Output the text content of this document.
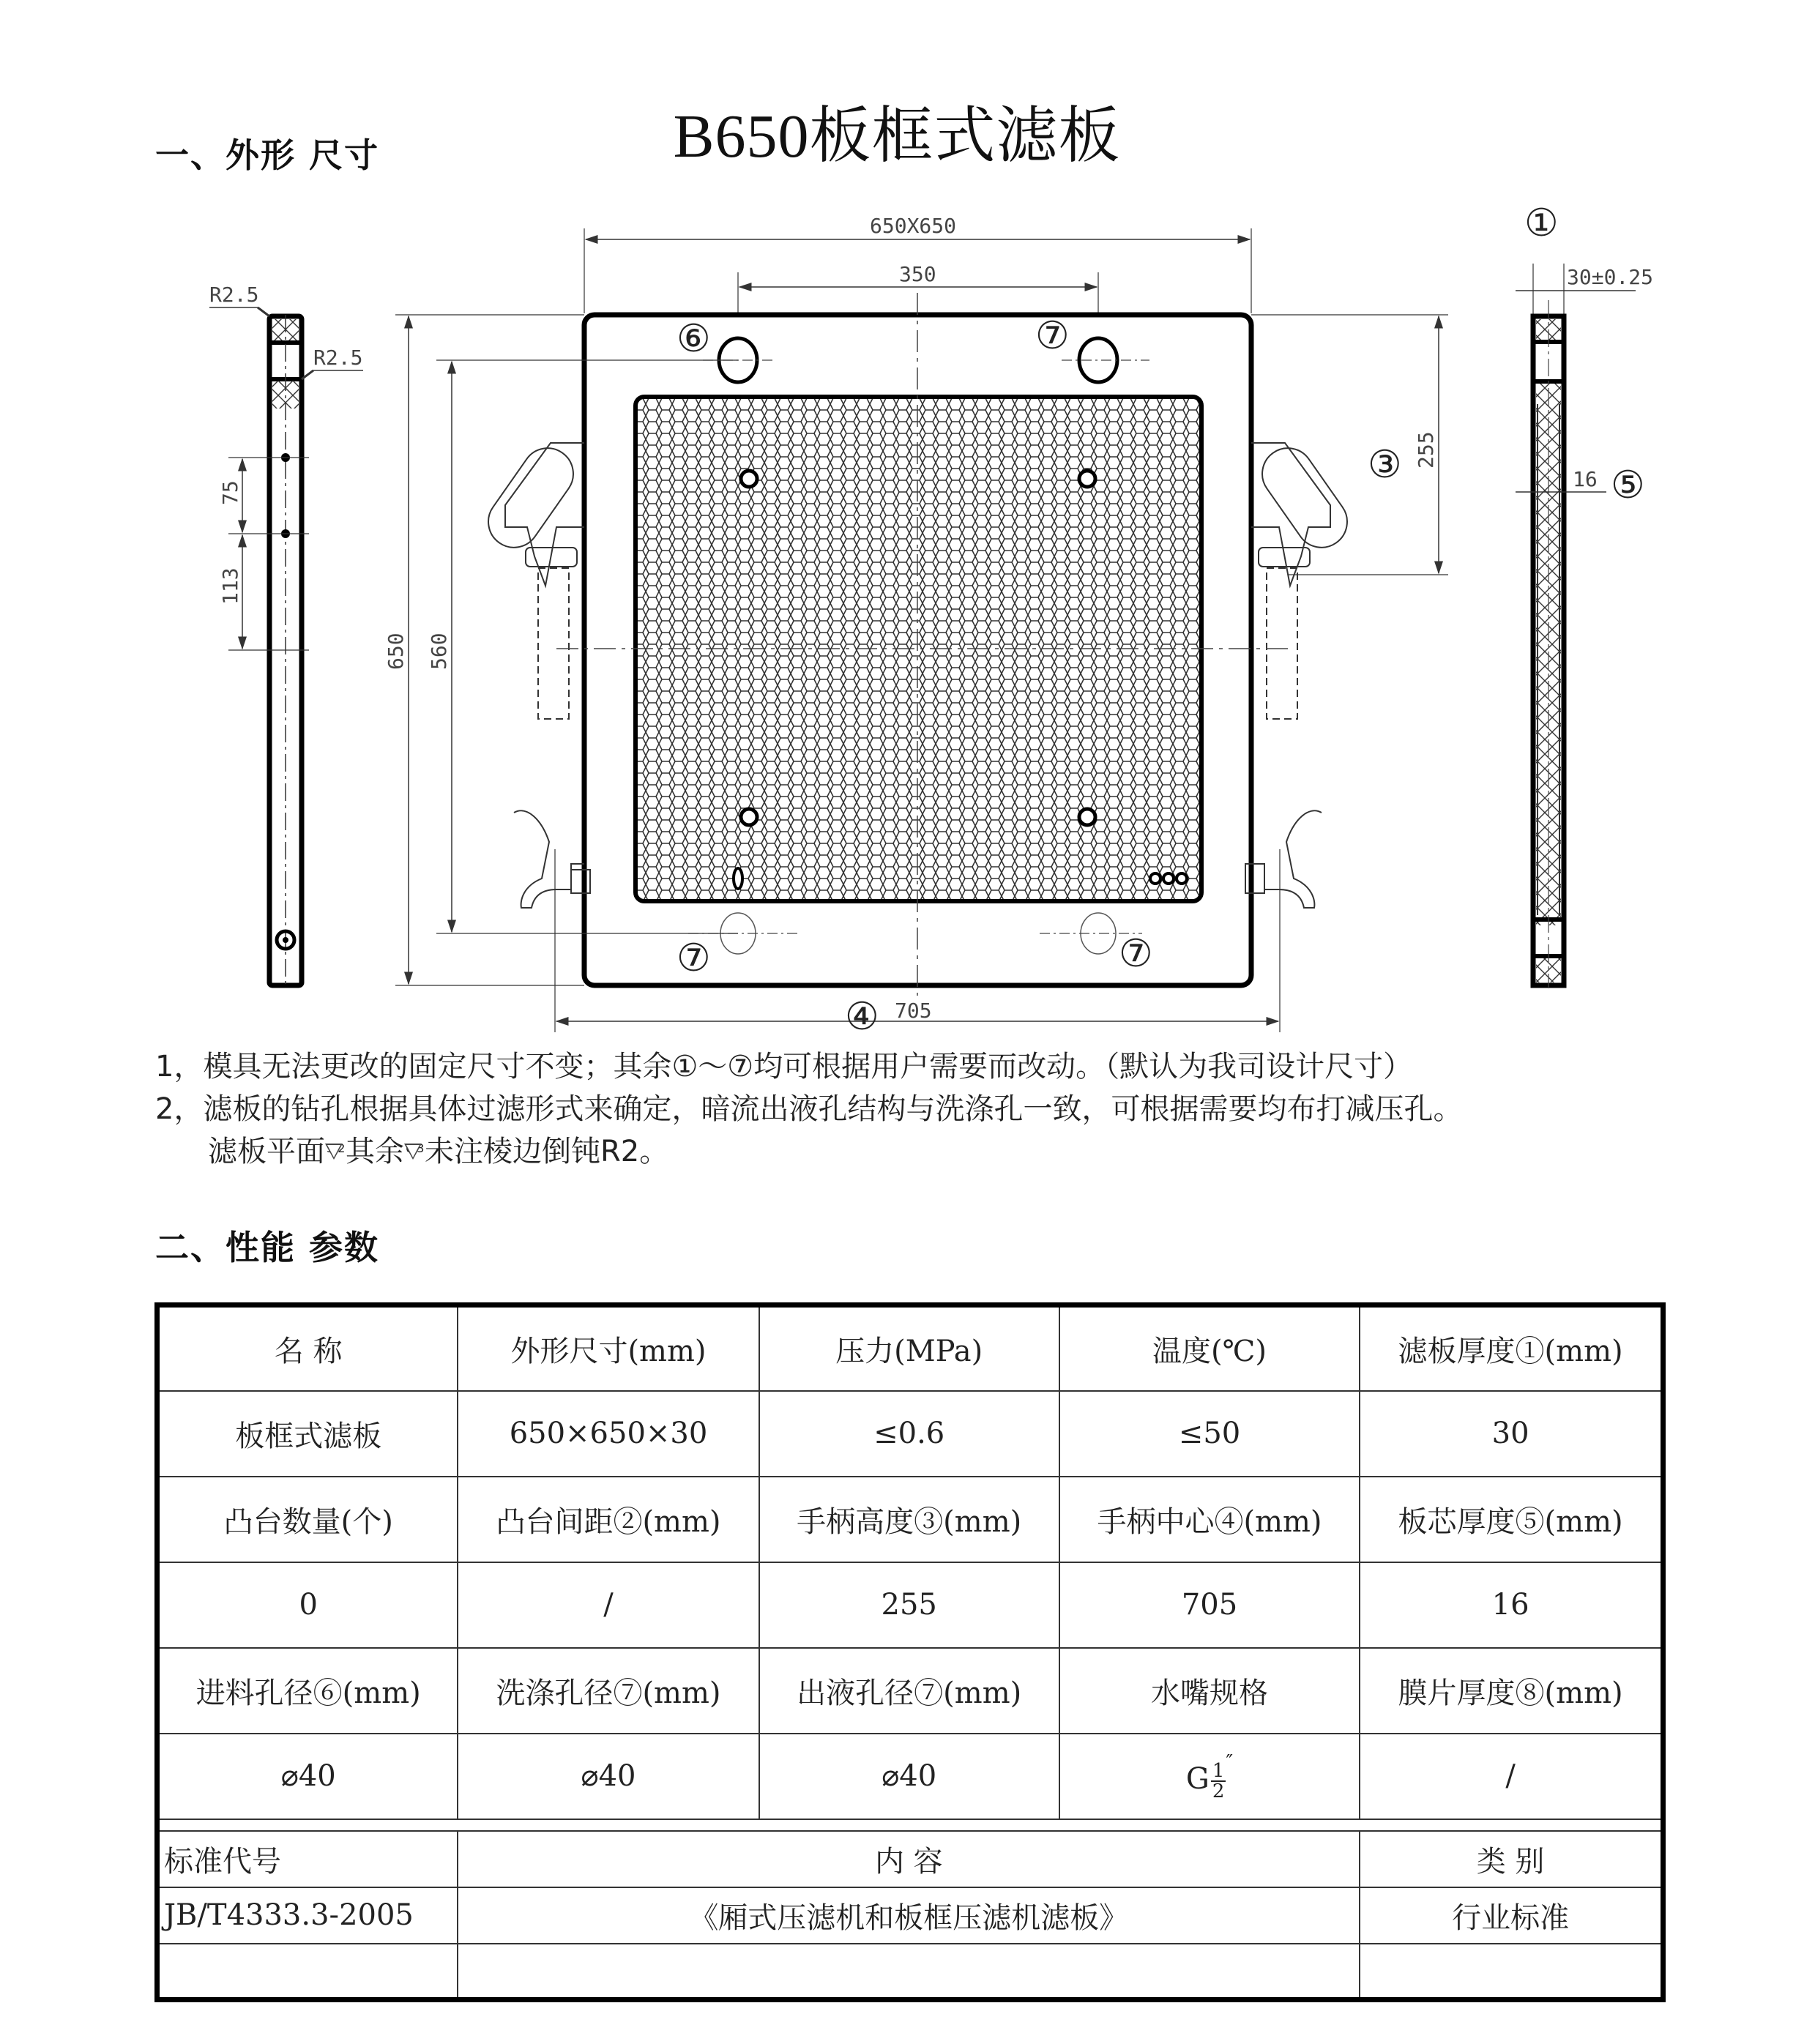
B650板框式滤板
一、外形 尺寸
R2.5
R2.5
75
113
650X650
350
650 560
255
705
⑥	⑦
⑦	⑦
③
④
30±0.25
16
①
⑤
1，模具无法更改的固定尺寸不变；其余①～⑦均可根据用户需要而改动。（默认为我司设计尺寸）
2，滤板的钻孔根据具体过滤形式来确定，暗流出液孔结构与洗涤孔一致，可根据需要均布打减压孔。
滤板平面 3.2 其余 6.3 未注棱边倒钝R2。
二、性能 参数
名 称	外形尺寸(mm)	压力(MPa)	温度(℃)	滤板厚度①(mm)
板框式滤板	650×650×30	≤0.6	≤50	30
凸台数量(个)	凸台间距②(mm)	手柄高度③(mm)	手柄中心④(mm)	板芯厚度⑤(mm)
0	/	255	705	16
进料孔径⑥(mm)	洗涤孔径⑦(mm)	出液孔径⑦(mm)	水嘴规格	膜片厚度⑧(mm)
⌀40	⌀40	⌀40	G $\frac{1}{2} ''$	/

标准代号	内 容			类 别
JB/T4333.3-2005	《厢式压滤机和板框压滤机滤板》			行业标准
